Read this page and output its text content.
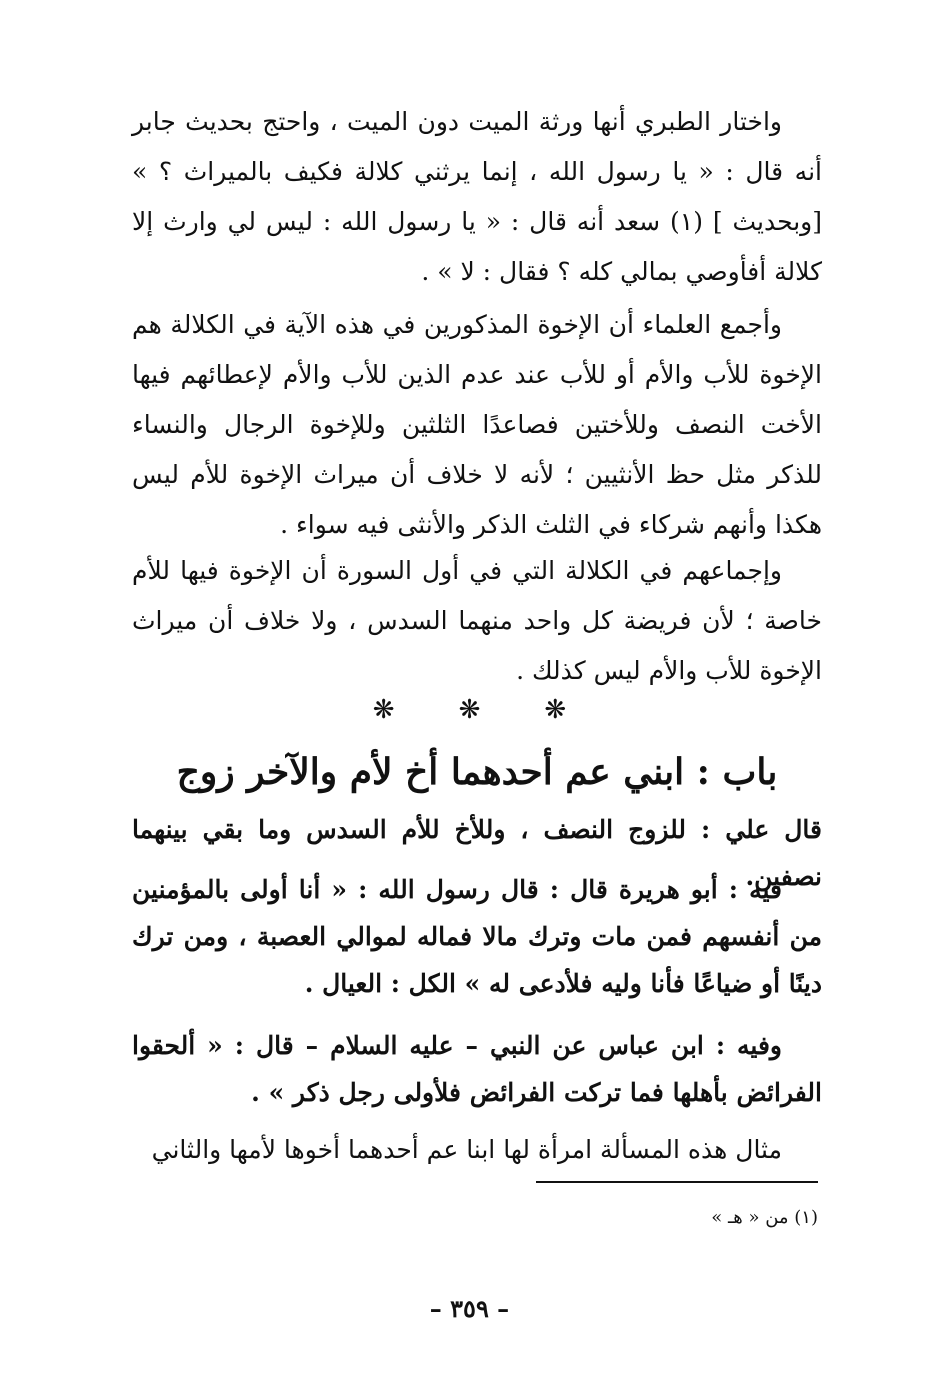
واختار الطبري أنها ورثة الميت دون الميت ، واحتج بحديث جابر أنه قال : « يا رسول الله ، إنما يرثني كلالة فكيف بالميراث ؟ » [وبحديث ] (١) سعد أنه قال : « يا رسول الله : ليس لي وارث إلا كلالة أفأوصي بمالي كله ؟ فقال : لا » .

وأجمع العلماء أن الإخوة المذكورين في هذه الآية في الكلالة هم الإخوة للأب والأم أو للأب عند عدم الذين للأب والأم لإعطائهم فيها الأخت النصف وللأختين فصاعدًا الثلثين وللإخوة الرجال والنساء للذكر مثل حظ الأنثيين ؛ لأنه لا خلاف أن ميراث الإخوة للأم ليس هكذا وأنهم شركاء في الثلث الذكر والأنثى فيه سواء .

وإجماعهم في الكلالة التي في أول السورة أن الإخوة فيها للأم خاصة ؛ لأن فريضة كل واحد منهما السدس ، ولا خلاف أن ميراث الإخوة للأب والأم ليس كذلك .

❋ ❋ ❋
باب : ابني عم أحدهما أخ لأم والآخر زوج

قال علي : للزوج النصف ، وللأخ للأم السدس وما بقي بينهما نصفين.

فيه : أبو هريرة قال : قال رسول الله : « أنا أولى بالمؤمنين من أنفسهم فمن مات وترك مالا فماله لموالي العصبة ، ومن ترك دينًا أو ضياعًا فأنا وليه فلأدعى له » الكل : العيال .

وفيه : ابن عباس عن النبي – عليه السلام – قال : « ألحقوا الفرائض بأهلها فما تركت الفرائض فلأولى رجل ذكر » .

مثال هذه المسألة امرأة لها ابنا عم أحدهما أخوها لأمها والثاني

(١) من « هـ »

– ٣٥٩ –
